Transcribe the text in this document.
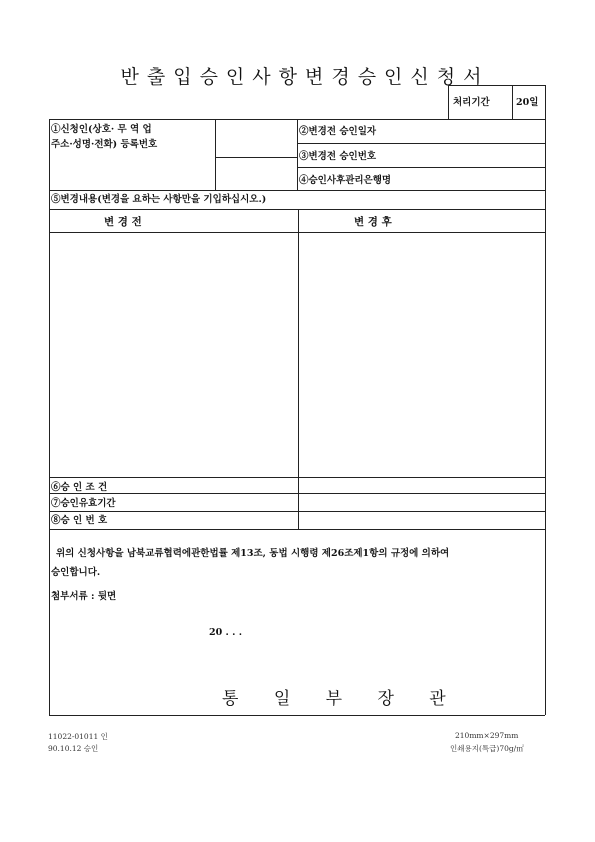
반출입승인사항변경승인신청서
처리기간	20일
①신청인(상호· 무 역 업
주소·성명·전화) 등록번호
②변경전 승인일자
③변경전 승인번호
④승인사후관리은행명
⑤변경내용(변경을 요하는 사항만을 기입하십시오.)
변 경 전	변 경 후
⑥승 인 조 건
⑦승인유효기간
⑧승 인 번 호
위의 신청사항을 남북교류협력에관한법률 제13조, 동법 시행령 제26조제1항의 규정에 의하여
승인합니다.
첨부서류 : 뒷면
20 . . .
통 일 부 장 관
11022-01011 인
90.10.12 승인
210mm×297mm
인쇄용지(특급)70g/㎡
